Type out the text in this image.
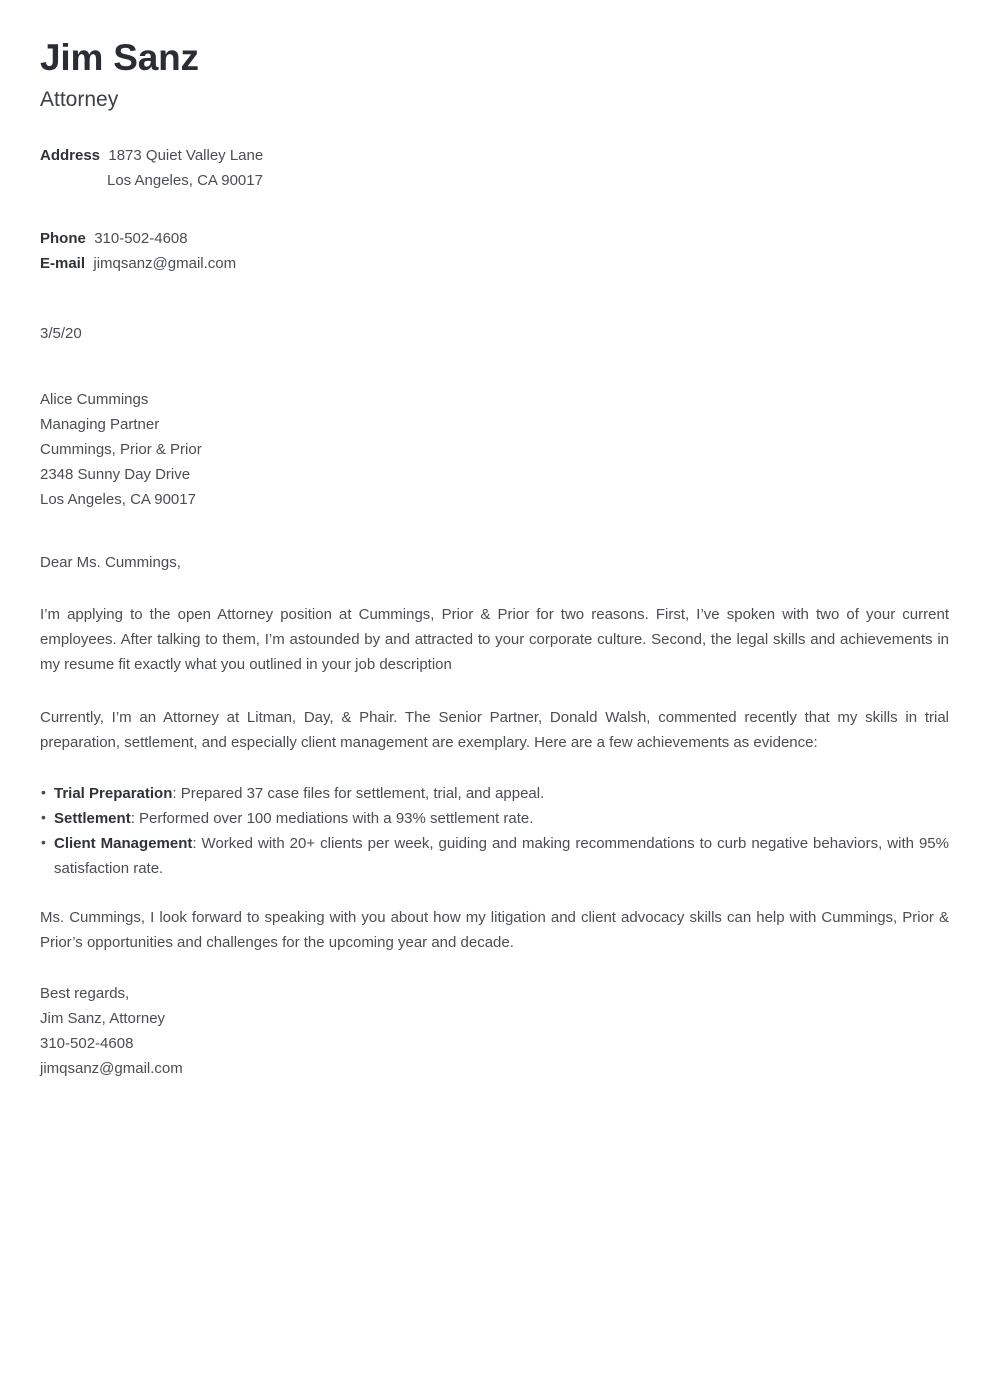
Jim Sanz
Attorney
Address 1873 Quiet Valley Lane
Los Angeles, CA 90017
Phone 310-502-4608
E-mail jimqsanz@gmail.com
3/5/20
Alice Cummings
Managing Partner
Cummings, Prior & Prior
2348 Sunny Day Drive
Los Angeles, CA 90017
Dear Ms. Cummings,

I’m applying to the open Attorney position at Cummings, Prior & Prior for two reasons. First, I’ve spoken with two of your current employees. After talking to them, I’m astounded by and attracted to your corporate culture. Second, the legal skills and achievements in my resume fit exactly what you outlined in your job description

Currently, I’m an Attorney at Litman, Day, & Phair. The Senior Partner, Donald Walsh, commented recently that my skills in trial preparation, settlement, and especially client management are exemplary. Here are a few achievements as evidence:

• Trial Preparation: Prepared 37 case files for settlement, trial, and appeal.
• Settlement: Performed over 100 mediations with a 93% settlement rate.
• Client Management: Worked with 20+ clients per week, guiding and making recommendations to curb negative behaviors, with 95% satisfaction rate.

Ms. Cummings, I look forward to speaking with you about how my litigation and client advocacy skills can help with Cummings, Prior & Prior’s opportunities and challenges for the upcoming year and decade.

Best regards,
Jim Sanz, Attorney
310-502-4608
jimqsanz@gmail.com
